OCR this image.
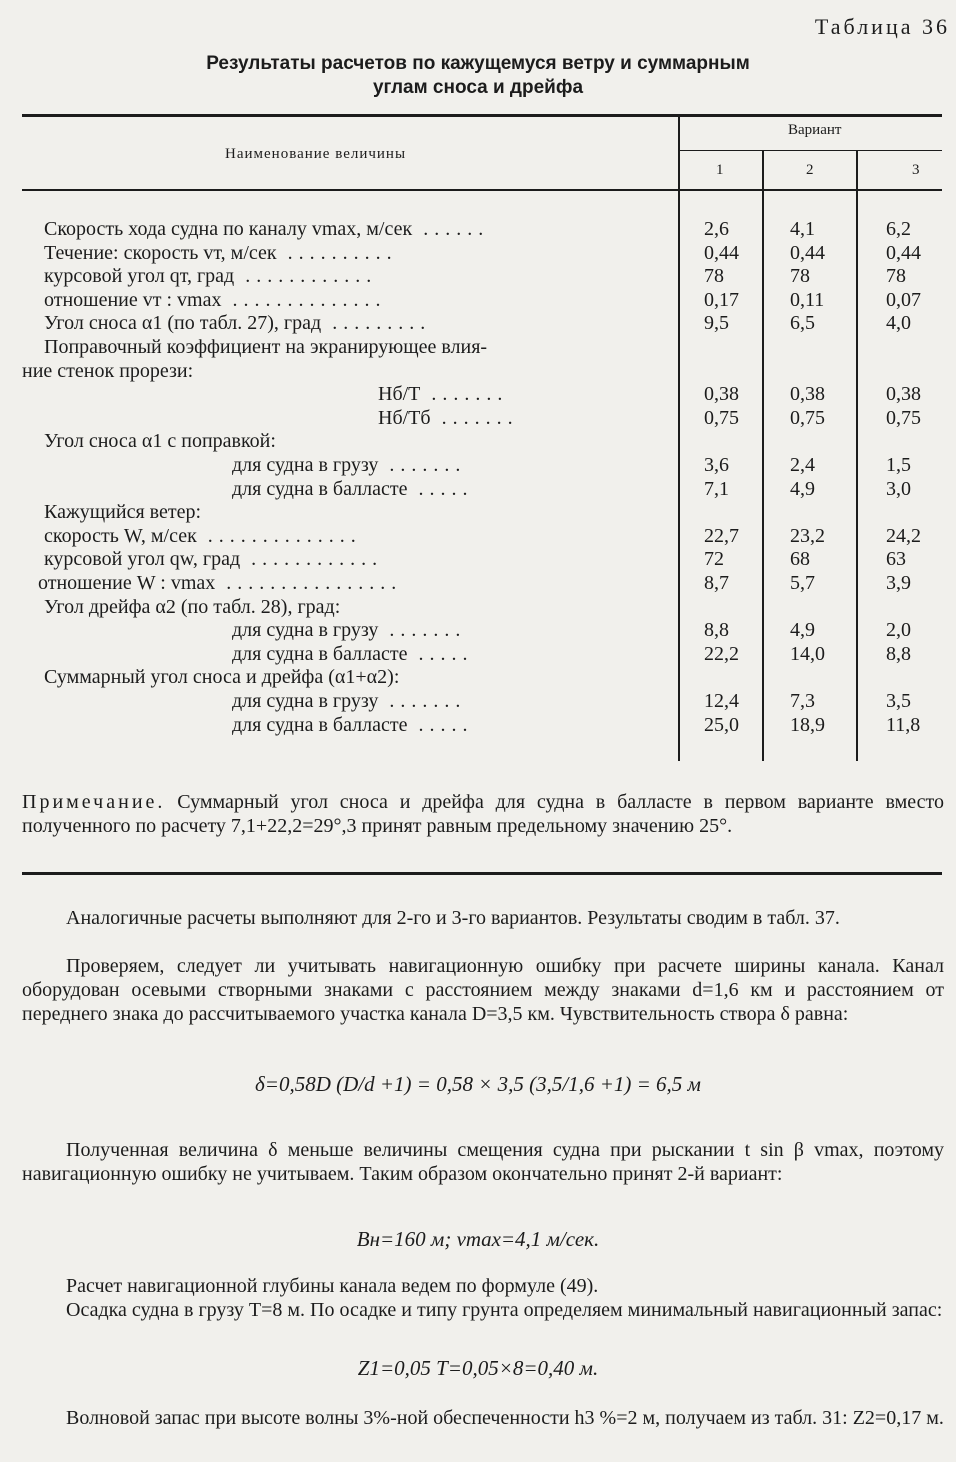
Таблица 36
Результаты расчетов по кажущемуся ветру и суммарным
углам сноса и дрейфа
Наименование величины
Вариант
1	2	3
Скорость хода судна по каналу vmax, м/сек ......	2,6	4,1	6,2
Течение: скорость vт, м/сек ..........	0,44	0,44	0,44
курсовой угол qт, град ............	78	78	78
отношение vт : vmax ..............	0,17	0,11	0,07
Угол сноса α1 (по табл. 27), град .........	9,5	6,5	4,0
Поправочный коэффициент на экранирующее влия-
ние стенок прорези:
Hб/T .......	0,38	0,38	0,38
Hб/Tб .......	0,75	0,75	0,75
Угол сноса α1 с поправкой:
для судна в грузу .......	3,6	2,4	1,5
для судна в балласте .....	7,1	4,9	3,0
Кажущийся ветер:
скорость W, м/сек ..............	22,7	23,2	24,2
курсовой угол qw, град ............	72	68	63
отношение W : vmax ................	8,7	5,7	3,9
Угол дрейфа α2 (по табл. 28), град:
для судна в грузу .......	8,8	4,9	2,0
для судна в балласте .....	22,2	14,0	8,8
Суммарный угол сноса и дрейфа (α1+α2):
для судна в грузу .......	12,4	7,3	3,5
для судна в балласте .....	25,0	18,9	11,8
Примечание. Суммарный угол сноса и дрейфа для судна в балласте в первом варианте вместо полученного по расчету 7,1+22,2=29°,3 принят равным предельному значению 25°.

Аналогичные расчеты выполняют для 2-го и 3-го вариантов. Результаты сводим в табл. 37.

Проверяем, следует ли учитывать навигационную ошибку при расчете ширины канала. Канал оборудован осевыми створными знаками с расстоянием между знаками d=1,6 км и расстоянием от переднего знака до рассчитываемого участка канала D=3,5 км. Чувствительность створа δ равна:

δ=0,58D (D/d +1) = 0,58 × 3,5 (3,5/1,6 +1) = 6,5 м

Полученная величина δ меньше величины смещения судна при рыскании t sin β vmax, поэтому навигационную ошибку не учитываем. Таким образом окончательно принят 2-й вариант:

Bн=160 м; vmax=4,1 м/сек.

Расчет навигационной глубины канала ведем по формуле (49).

Осадка судна в грузу T=8 м. По осадке и типу грунта определяем минимальный навигационный запас:

Z1=0,05 T=0,05×8=0,40 м.

Волновой запас при высоте волны 3%-ной обеспеченности h3 %=2 м, получаем из табл. 31: Z2=0,17 м.
